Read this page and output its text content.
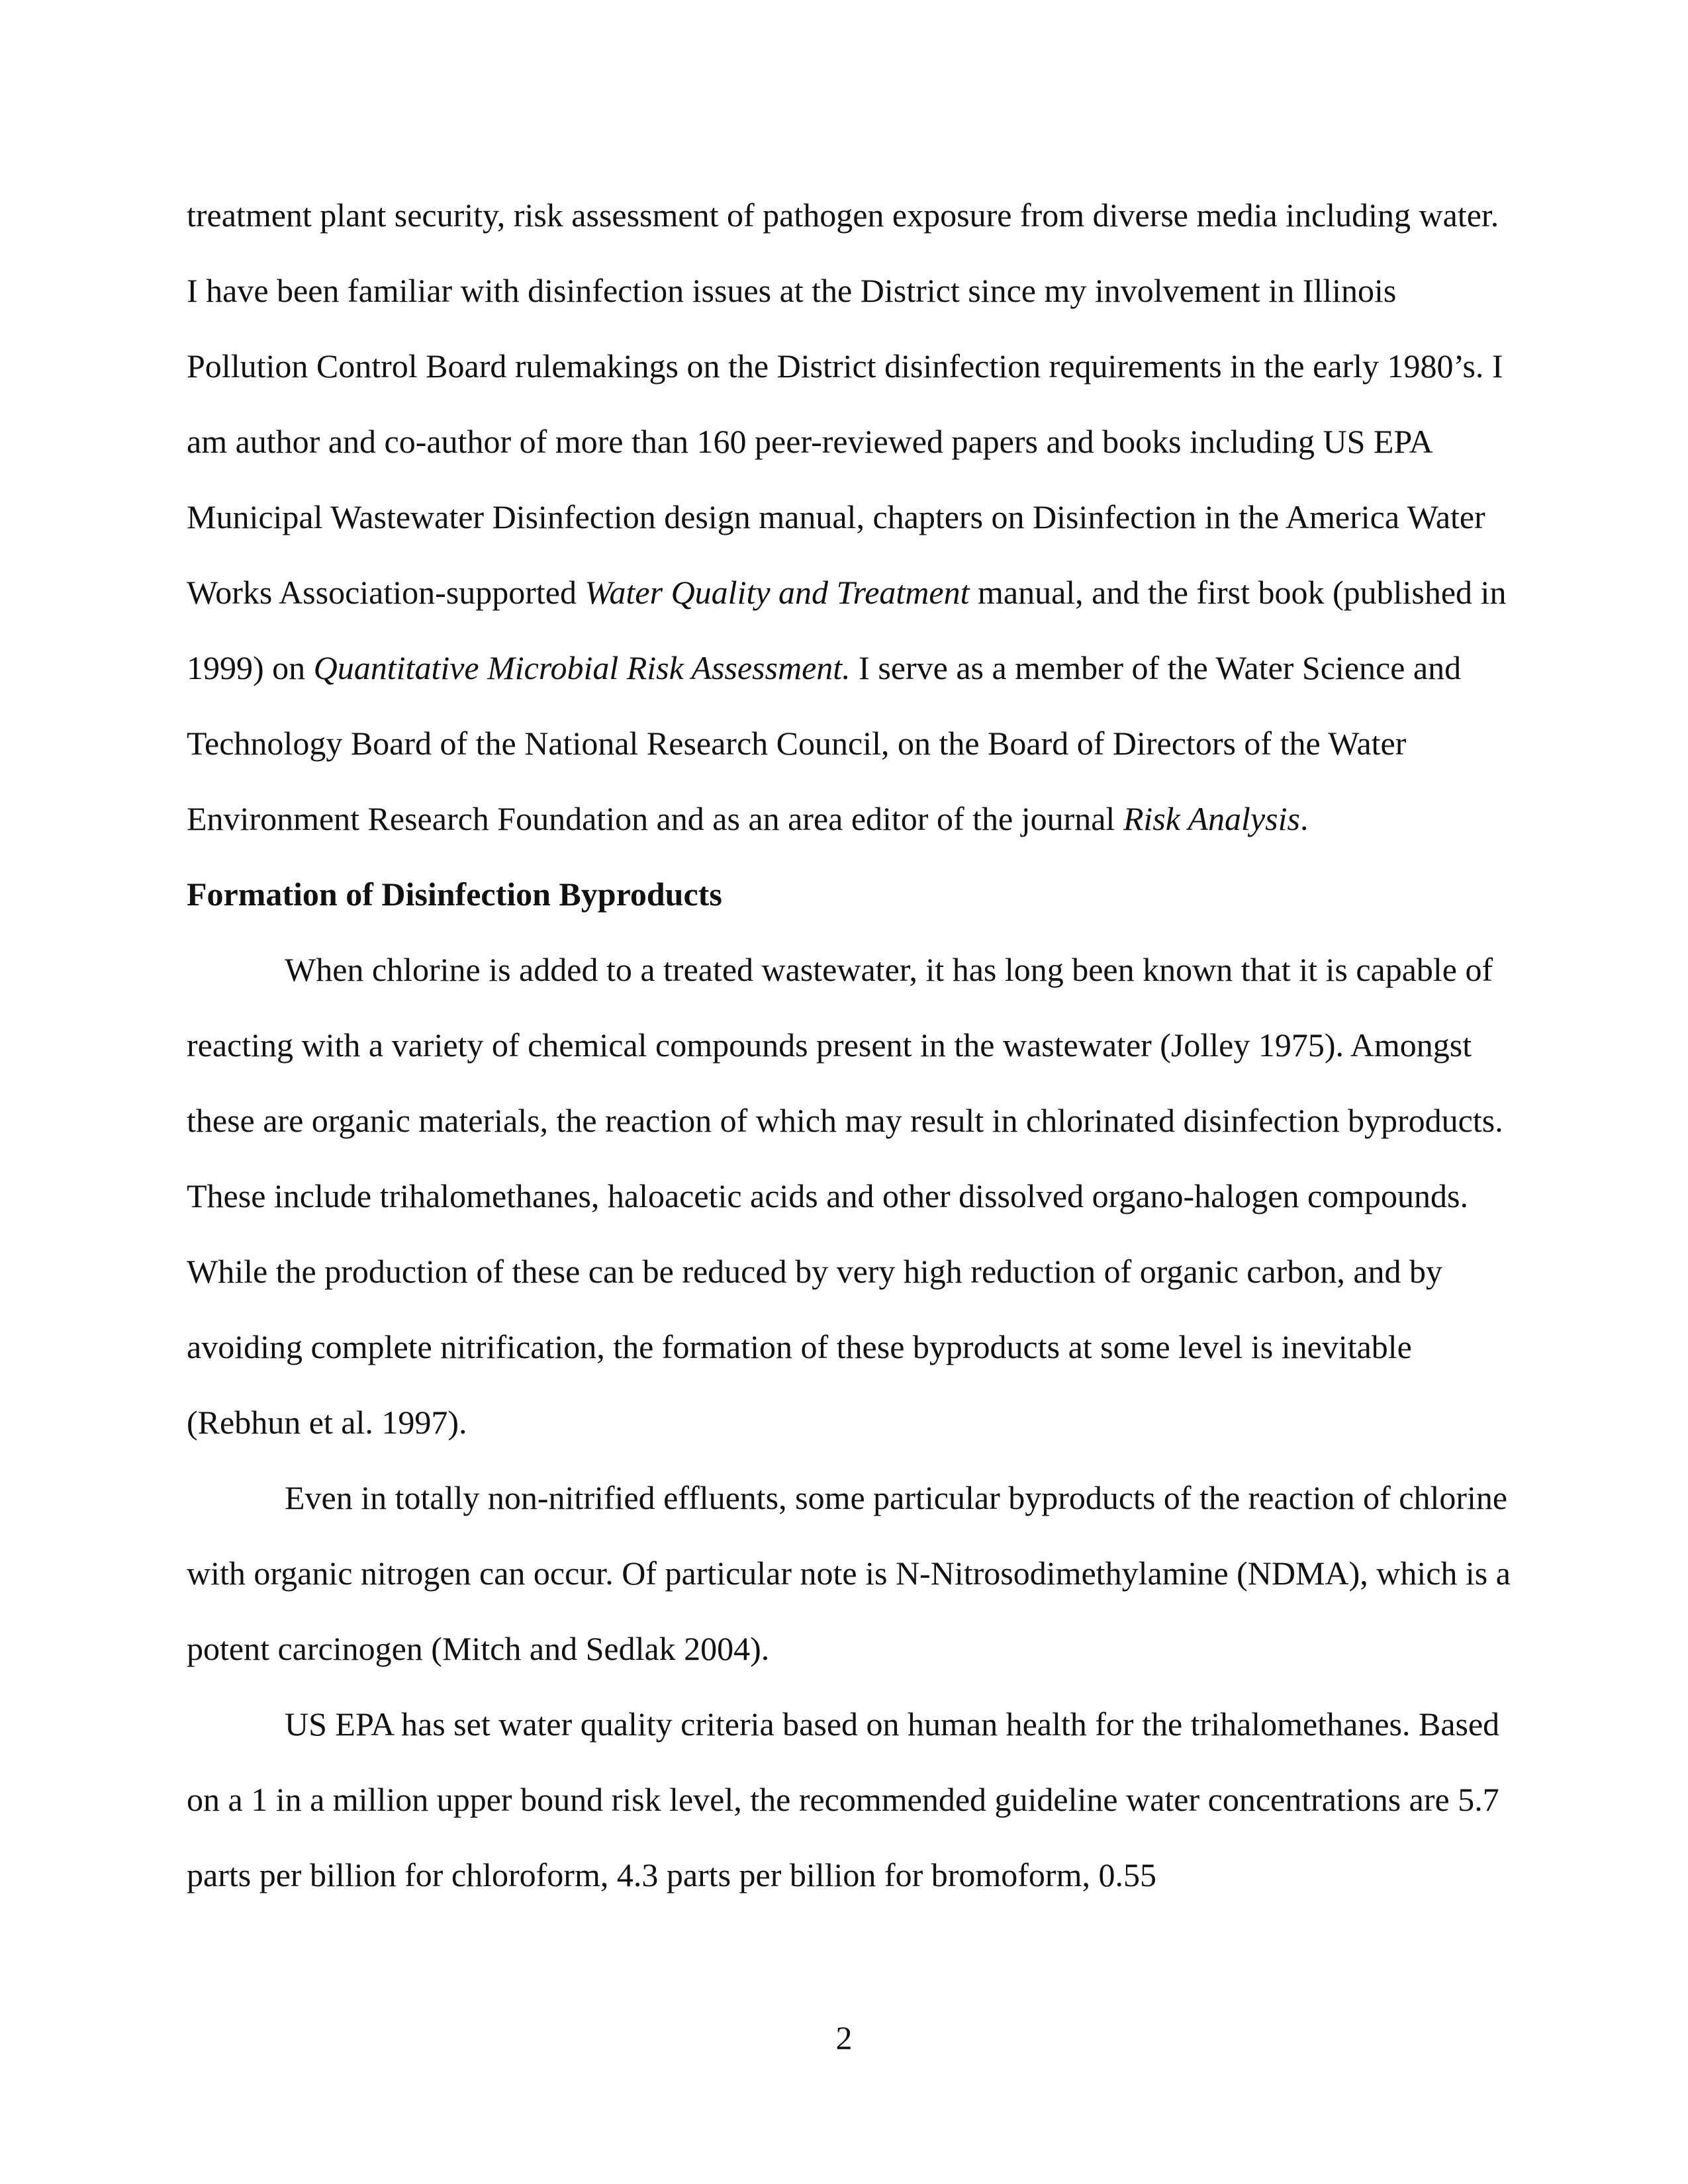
treatment plant security, risk assessment of pathogen exposure from diverse media including water. I have been familiar with disinfection issues at the District since my involvement in Illinois Pollution Control Board rulemakings on the District disinfection requirements in the early 1980’s. I am author and co-author of more than 160 peer-reviewed papers and books including US EPA Municipal Wastewater Disinfection design manual, chapters on Disinfection in the America Water Works Association-supported Water Quality and Treatment manual, and the first book (published in 1999) on Quantitative Microbial Risk Assessment. I serve as a member of the Water Science and Technology Board of the National Research Council, on the Board of Directors of the Water Environment Research Foundation and as an area editor of the journal Risk Analysis.

Formation of Disinfection Byproducts

When chlorine is added to a treated wastewater, it has long been known that it is capable of reacting with a variety of chemical compounds present in the wastewater (Jolley 1975). Amongst these are organic materials, the reaction of which may result in chlorinated disinfection byproducts. These include trihalomethanes, haloacetic acids and other dissolved organo-halogen compounds. While the production of these can be reduced by very high reduction of organic carbon, and by avoiding complete nitrification, the formation of these byproducts at some level is inevitable (Rebhun et al. 1997).

Even in totally non-nitrified effluents, some particular byproducts of the reaction of chlorine with organic nitrogen can occur. Of particular note is N-Nitrosodimethylamine (NDMA), which is a potent carcinogen (Mitch and Sedlak 2004).

US EPA has set water quality criteria based on human health for the trihalomethanes. Based on a 1 in a million upper bound risk level, the recommended guideline water concentrations are 5.7 parts per billion for chloroform, 4.3 parts per billion for bromoform, 0.55

2
